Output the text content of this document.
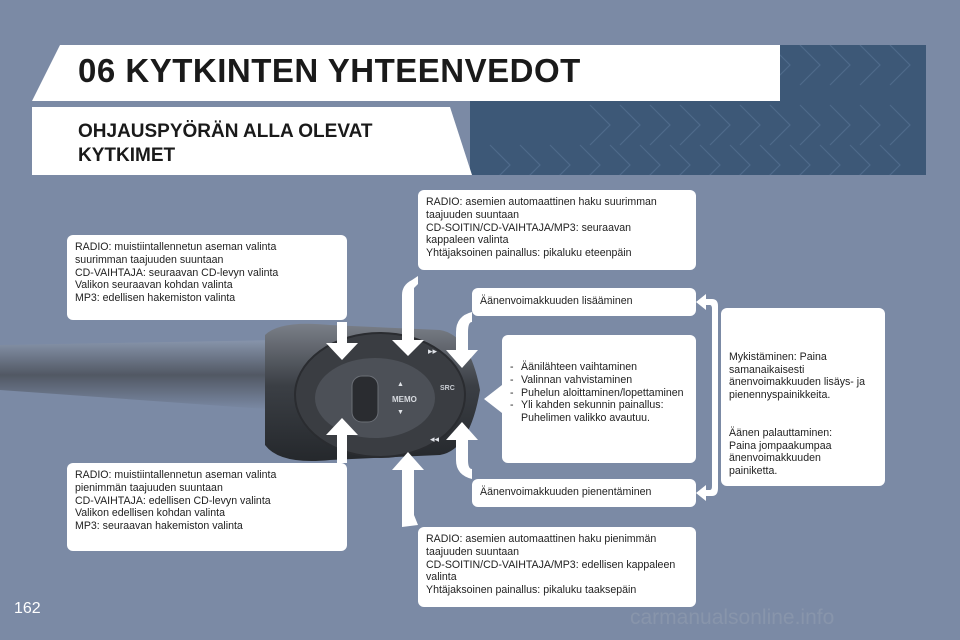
06 KYTKINTEN YHTEENVEDOT
OHJAUSPYÖRÄN ALLA OLEVAT KYTKIMET
MEMO
SRC
▸▸
◂◂
▲
▼
RADIO: muistiintallennetun aseman valinta
suurimman taajuuden suuntaan
CD-VAIHTAJA: seuraavan CD-levyn valinta
Valikon seuraavan kohdan valinta
MP3: edellisen hakemiston valinta
RADIO: muistiintallennetun aseman valinta
pienimmän taajuuden suuntaan
CD-VAIHTAJA: edellisen CD-levyn valinta
Valikon edellisen kohdan valinta
MP3: seuraavan hakemiston valinta
RADIO: asemien automaattinen haku suurimman
taajuuden suuntaan
CD-SOITIN/CD-VAIHTAJA/MP3: seuraavan
kappaleen valinta
Yhtäjaksoinen painallus: pikaluku eteenpäin
RADIO: asemien automaattinen haku pienimmän
taajuuden suuntaan
CD-SOITIN/CD-VAIHTAJA/MP3: edellisen kappaleen
valinta
Yhtäjaksoinen painallus: pikaluku taaksepäin
Äänenvoimakkuuden lisääminen
Äänenvoimakkuuden pienentäminen
- Äänilähteen vaihtaminen
- Valinnan vahvistaminen
- Puhelun aloittaminen/lopettaminen
- Yli kahden sekunnin painallus:
Puhelimen valikko avautuu.

Mykistäminen: Paina
samanaikaisesti
änenvoimakkuuden lisäys- ja
pienennyspainikkeita.

Äänen palauttaminen:
Paina jompaakumpaa
änenvoimakkuuden
painiketta.

162	carmanualsonline.info
